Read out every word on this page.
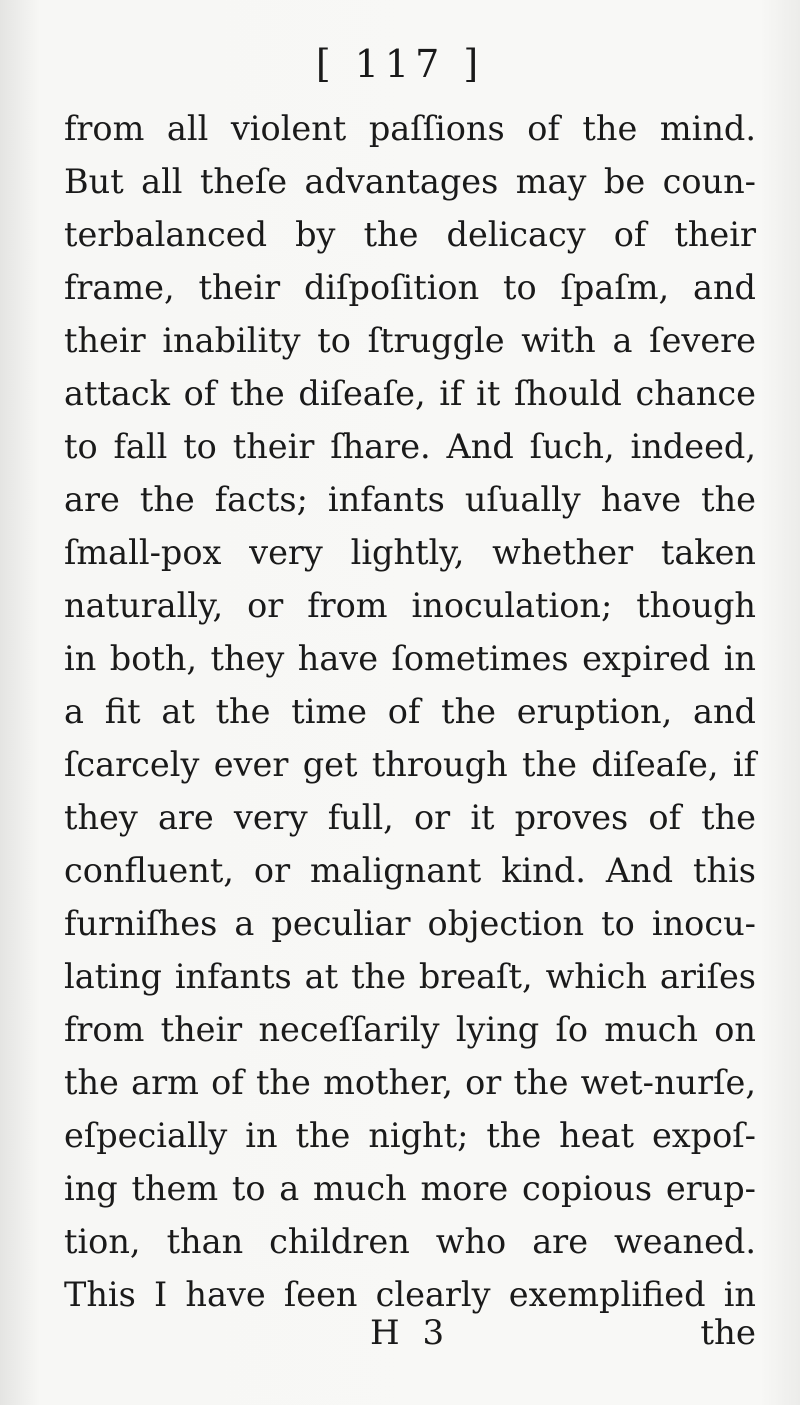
[ 117 ]
from all violent paſſions of the mind.
But all theſe advantages may be coun-
terbalanced by the delicacy of their
frame, their diſpoſition to ſpaſm, and
their inability to ſtruggle with a ſevere
attack of the diſeaſe, if it ſhould chance
to fall to their ſhare. And ſuch, indeed,
are the facts; infants uſually have the
ſmall-pox very lightly, whether taken
naturally, or from inoculation; though
in both, they have ſometimes expired in
a fit at the time of the eruption, and
ſcarcely ever get through the diſeaſe, if
they are very full, or it proves of the
confluent, or malignant kind. And this
furniſhes a peculiar objection to inocu-
lating infants at the breaſt, which ariſes
from their neceſſarily lying ſo much on
the arm of the mother, or the wet-nurſe,
eſpecially in the night; the heat expoſ-
ing them to a much more copious erup-
tion, than children who are weaned.
This I have ſeen clearly exemplified in
H 3	the
